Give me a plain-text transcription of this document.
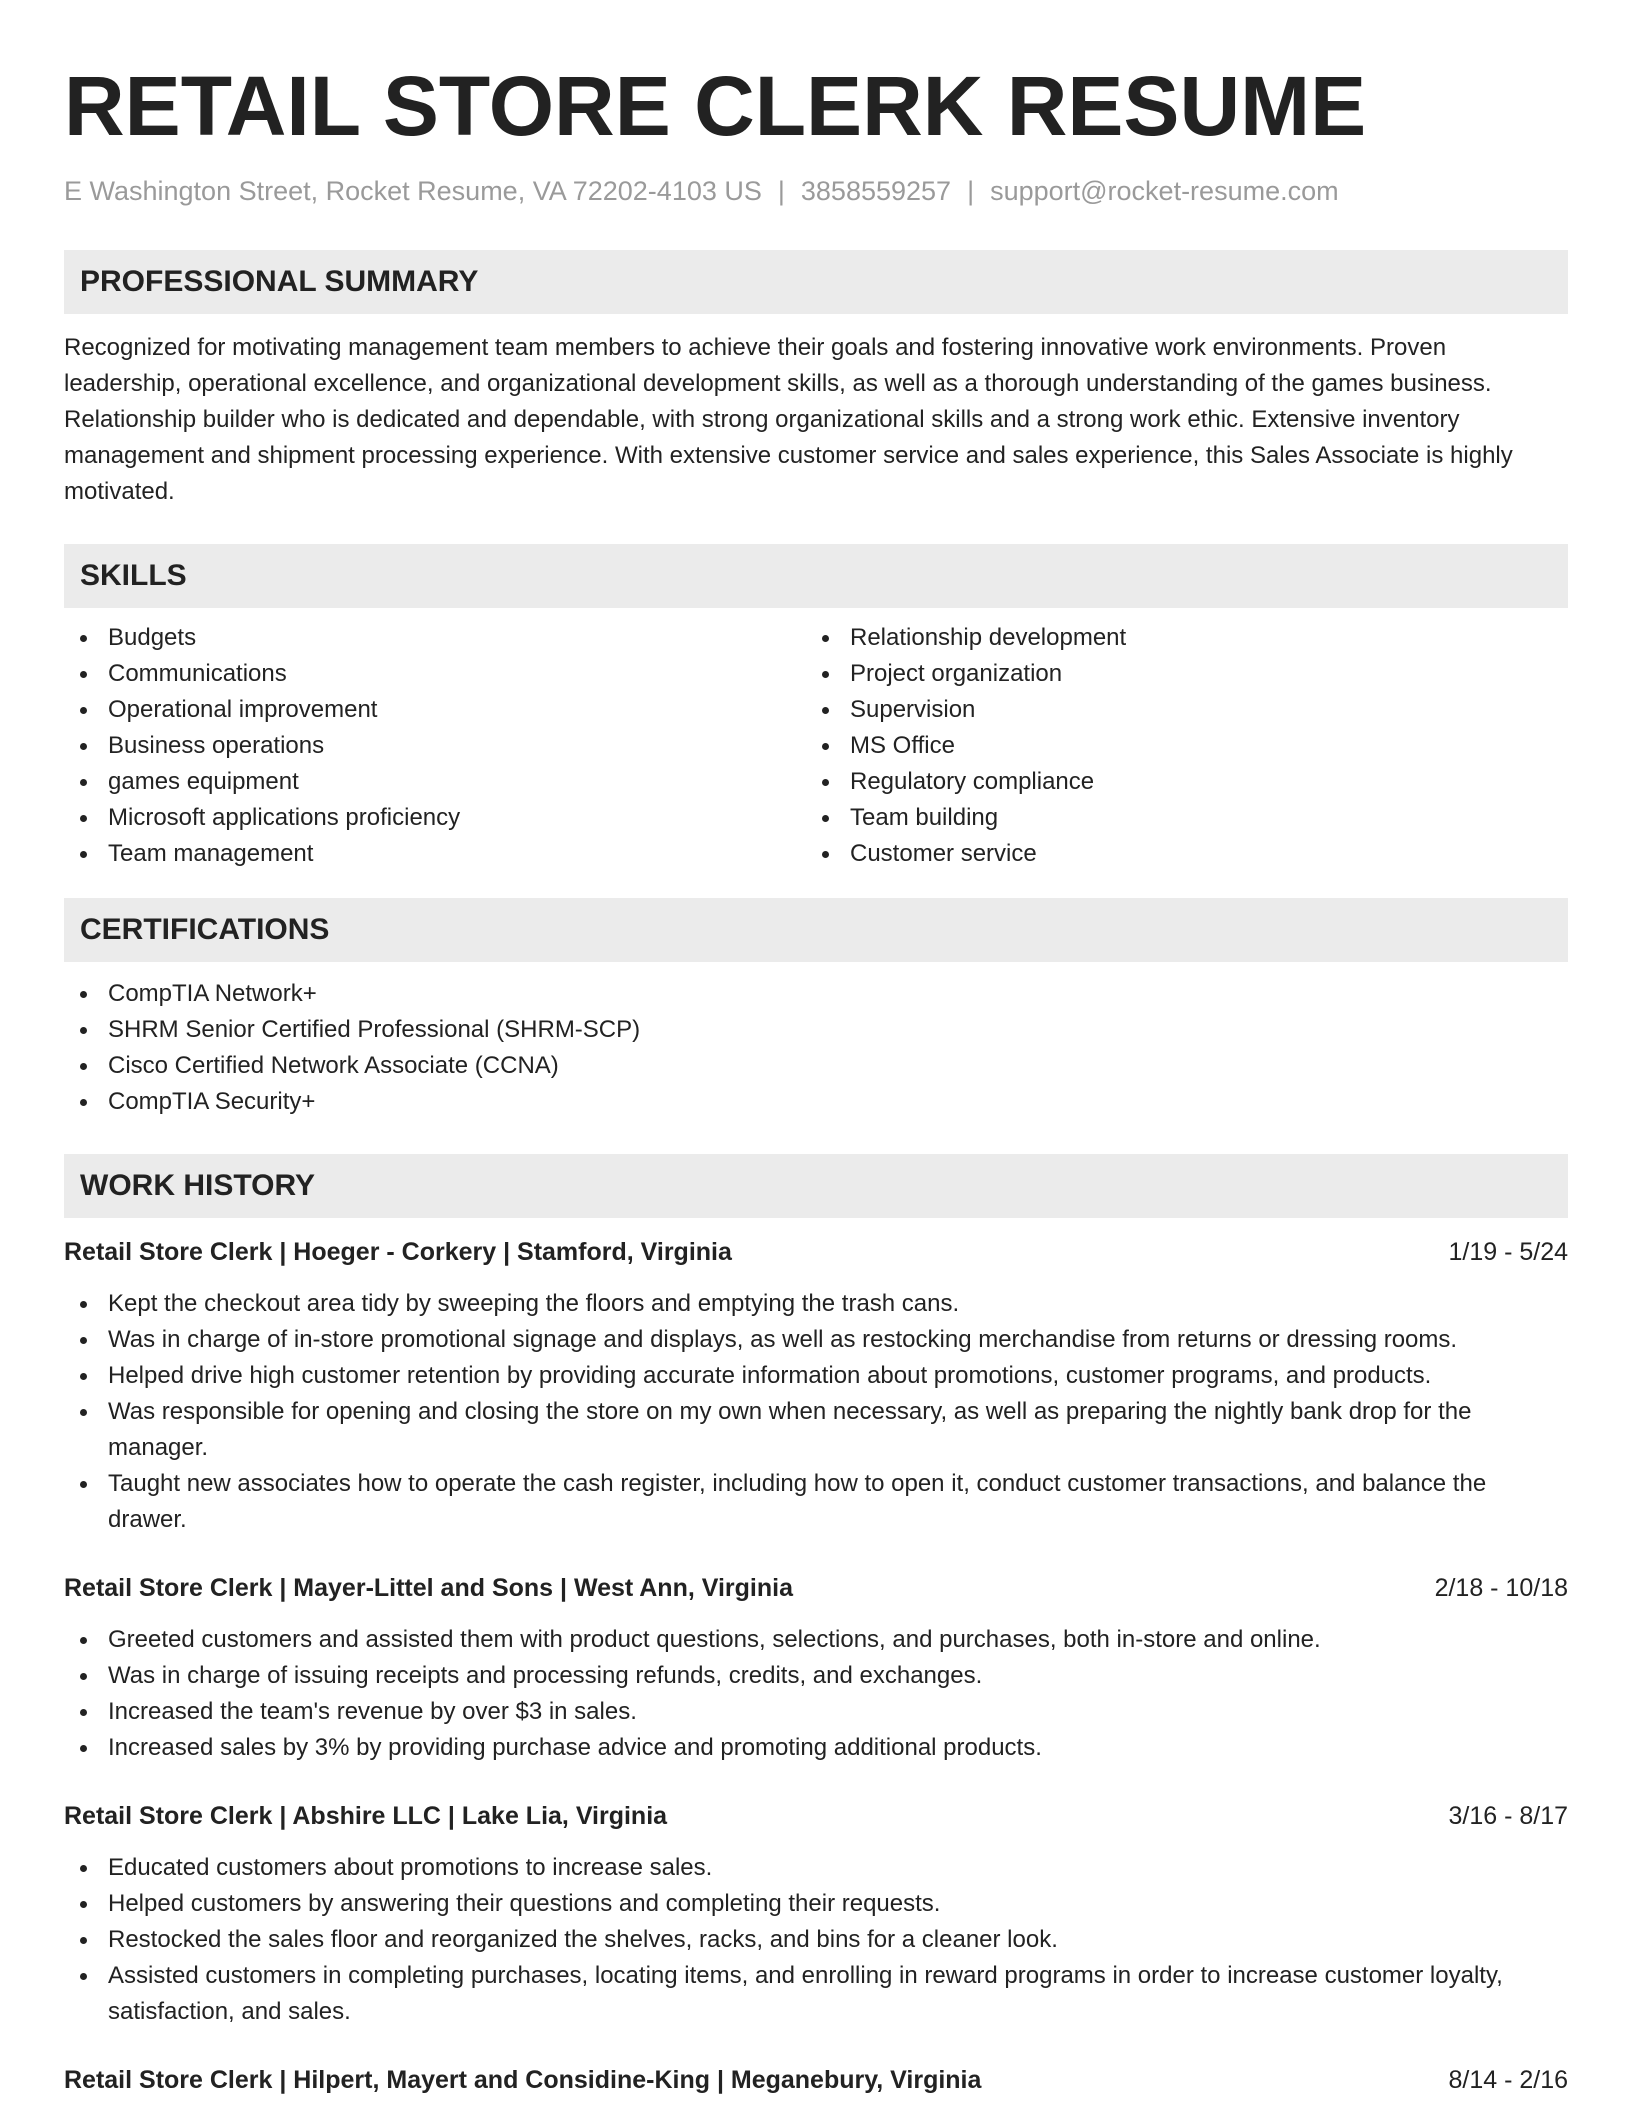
RETAIL STORE CLERK RESUME
E Washington Street, Rocket Resume, VA 72202-4103 US | 3858559257 | support@rocket-resume.com
PROFESSIONAL SUMMARY

Recognized for motivating management team members to achieve their goals and fostering innovative work environments. Proven leadership, operational excellence, and organizational development skills, as well as a thorough understanding of the games business. Relationship builder who is dedicated and dependable, with strong organizational skills and a strong work ethic. Extensive inventory management and shipment processing experience. With extensive customer service and sales experience, this Sales Associate is highly motivated.

SKILLS
Budgets
Communications
Operational improvement
Business operations
games equipment
Microsoft applications proficiency
Team management
Relationship development
Project organization
Supervision
MS Office
Regulatory compliance
Team building
Customer service
CERTIFICATIONS
CompTIA Network+
SHRM Senior Certified Professional (SHRM-SCP)
Cisco Certified Network Associate (CCNA)
CompTIA Security+
WORK HISTORY
Retail Store Clerk | Hoeger - Corkery | Stamford, Virginia	1/19 - 5/24
Kept the checkout area tidy by sweeping the floors and emptying the trash cans.
Was in charge of in-store promotional signage and displays, as well as restocking merchandise from returns or dressing rooms.
Helped drive high customer retention by providing accurate information about promotions, customer programs, and products.
Was responsible for opening and closing the store on my own when necessary, as well as preparing the nightly bank drop for the manager.
Taught new associates how to operate the cash register, including how to open it, conduct customer transactions, and balance the drawer.
Retail Store Clerk | Mayer-Littel and Sons | West Ann, Virginia	2/18 - 10/18
Greeted customers and assisted them with product questions, selections, and purchases, both in-store and online.
Was in charge of issuing receipts and processing refunds, credits, and exchanges.
Increased the team's revenue by over $3 in sales.
Increased sales by 3% by providing purchase advice and promoting additional products.
Retail Store Clerk | Abshire LLC | Lake Lia, Virginia	3/16 - 8/17
Educated customers about promotions to increase sales.
Helped customers by answering their questions and completing their requests.
Restocked the sales floor and reorganized the shelves, racks, and bins for a cleaner look.
Assisted customers in completing purchases, locating items, and enrolling in reward programs in order to increase customer loyalty, satisfaction, and sales.
Retail Store Clerk | Hilpert, Mayert and Considine-King | Meganebury, Virginia	8/14 - 2/16
